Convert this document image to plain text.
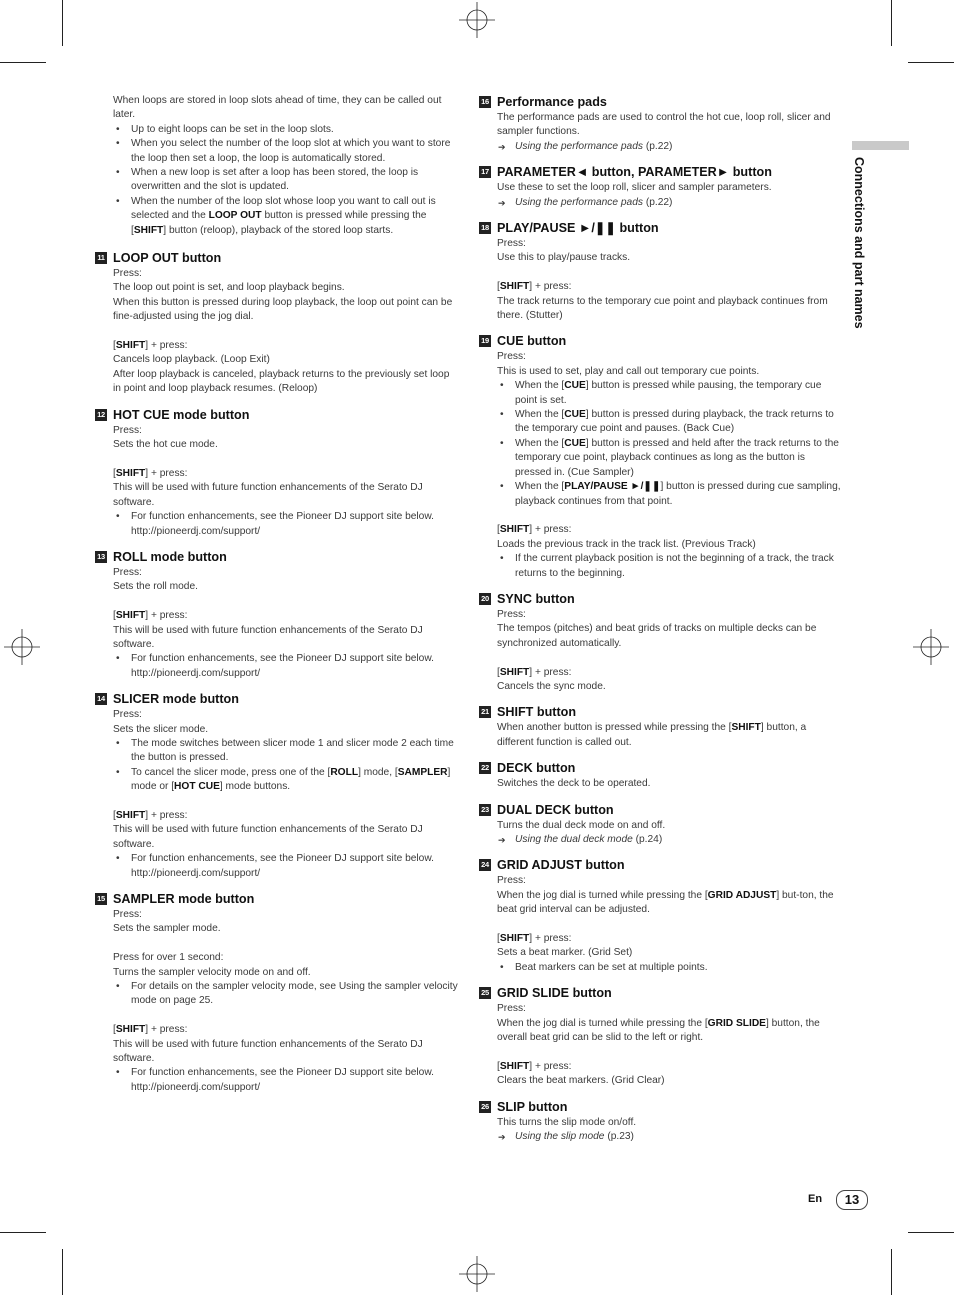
When loops are stored in loop slots ahead of time, they can be called out later.
• Up to eight loops can be set in the loop slots.
• When you select the number of the loop slot at which you want to store the loop then set a loop, the loop is automatically stored.
• When a new loop is set after a loop has been stored, the loop is overwritten and the slot is updated.
• When the number of the loop slot whose loop you want to call out is selected and the LOOP OUT button is pressed while pressing the [SHIFT] button (reloop), playback of the stored loop starts.
11 LOOP OUT button
Press:
The loop out point is set, and loop playback begins.
When this button is pressed during loop playback, the loop out point can be fine-adjusted using the jog dial.
[SHIFT] + press:
Cancels loop playback. (Loop Exit)
After loop playback is canceled, playback returns to the previously set loop in point and loop playback resumes. (Reloop)
12 HOT CUE mode button
Press:
Sets the hot cue mode.
[SHIFT] + press:
This will be used with future function enhancements of the Serato DJ software.
• For function enhancements, see the Pioneer DJ support site below.
http://pioneerdj.com/support/
13 ROLL mode button
Press:
Sets the roll mode.
[SHIFT] + press:
This will be used with future function enhancements of the Serato DJ software.
• For function enhancements, see the Pioneer DJ support site below.
http://pioneerdj.com/support/
14 SLICER mode button
Press:
Sets the slicer mode.
• The mode switches between slicer mode 1 and slicer mode 2 each time the button is pressed.
• To cancel the slicer mode, press one of the [ROLL] mode, [SAMPLER] mode or [HOT CUE] mode buttons.
[SHIFT] + press:
This will be used with future function enhancements of the Serato DJ software.
• For function enhancements, see the Pioneer DJ support site below.
http://pioneerdj.com/support/
15 SAMPLER mode button
Press:
Sets the sampler mode.
Press for over 1 second:
Turns the sampler velocity mode on and off.
• For details on the sampler velocity mode, see Using the sampler velocity mode on page 25.
[SHIFT] + press:
This will be used with future function enhancements of the Serato DJ software.
• For function enhancements, see the Pioneer DJ support site below.
http://pioneerdj.com/support/
16 Performance pads
The performance pads are used to control the hot cue, loop roll, slicer and sampler functions.
➔ Using the performance pads (p.22)
17 PARAMETER◄ button, PARAMETER► button
Use these to set the loop roll, slicer and sampler parameters.
➔ Using the performance pads (p.22)
18 PLAY/PAUSE ►/❚❚ button
Press:
Use this to play/pause tracks.
[SHIFT] + press:
The track returns to the temporary cue point and playback continues from there. (Stutter)
19 CUE button
Press:
This is used to set, play and call out temporary cue points.
• When the [CUE] button is pressed while pausing, the temporary cue point is set.
• When the [CUE] button is pressed during playback, the track returns to the temporary cue point and pauses. (Back Cue)
• When the [CUE] button is pressed and held after the track returns to the temporary cue point, playback continues as long as the button is pressed in. (Cue Sampler)
• When the [PLAY/PAUSE ►/❚❚] button is pressed during cue sampling, playback continues from that point.
[SHIFT] + press:
Loads the previous track in the track list. (Previous Track)
• If the current playback position is not the beginning of a track, the track returns to the beginning.
20 SYNC button
Press:
The tempos (pitches) and beat grids of tracks on multiple decks can be synchronized automatically.
[SHIFT] + press:
Cancels the sync mode.
21 SHIFT button
When another button is pressed while pressing the [SHIFT] button, a different function is called out.
22 DECK button
Switches the deck to be operated.
23 DUAL DECK button
Turns the dual deck mode on and off.
➔ Using the dual deck mode (p.24)
24 GRID ADJUST button
Press:
When the jog dial is turned while pressing the [GRID ADJUST] but-ton, the beat grid interval can be adjusted.
[SHIFT] + press:
Sets a beat marker. (Grid Set)
• Beat markers can be set at multiple points.
25 GRID SLIDE button
Press:
When the jog dial is turned while pressing the [GRID SLIDE] button, the overall beat grid can be slid to the left or right.
[SHIFT] + press:
Clears the beat markers. (Grid Clear)
26 SLIP button
This turns the slip mode on/off.
➔ Using the slip mode (p.23)
Connections and part names
En	13
